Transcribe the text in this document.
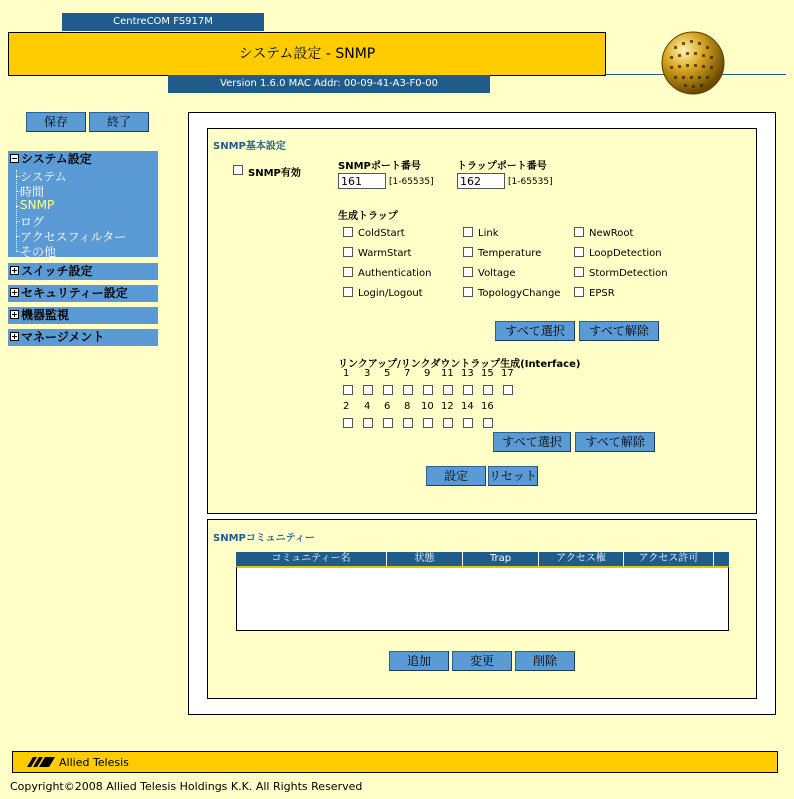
CentreCOM FS917M
システム設定 - SNMP
Version 1.6.0 MAC Addr: 00-09-41-A3-F0-00
保存	終了
システム設定
システム
時間
SNMP
ログ
アクセスフィルター
その他
スイッチ設定
セキュリティー設定
機器監視
マネージメント
SNMP基本設定
SNMP有効
SNMPポート番号
161
[1-65535]
トラップポート番号
162
[1-65535]
生成トラップ
ColdStart	Link	NewRoot
WarmStart	Temperature	LoopDetection
Authentication	Voltage	StormDetection
Login/Logout	TopologyChange	EPSR
すべて選択	すべて解除
リンクアップ/リンクダウントラップ生成(Interface)
1 3 5 7 9 11 13 15 17
2 4 6 8 10 12 14 16
すべて選択	すべて解除
設定	リセット
SNMPコミュニティー
コミュニティー名	状態	Trap	アクセス権	アクセス許可
追加	変更	削除
Allied Telesis
Copyright©2008 Allied Telesis Holdings K.K. All Rights Reserved
